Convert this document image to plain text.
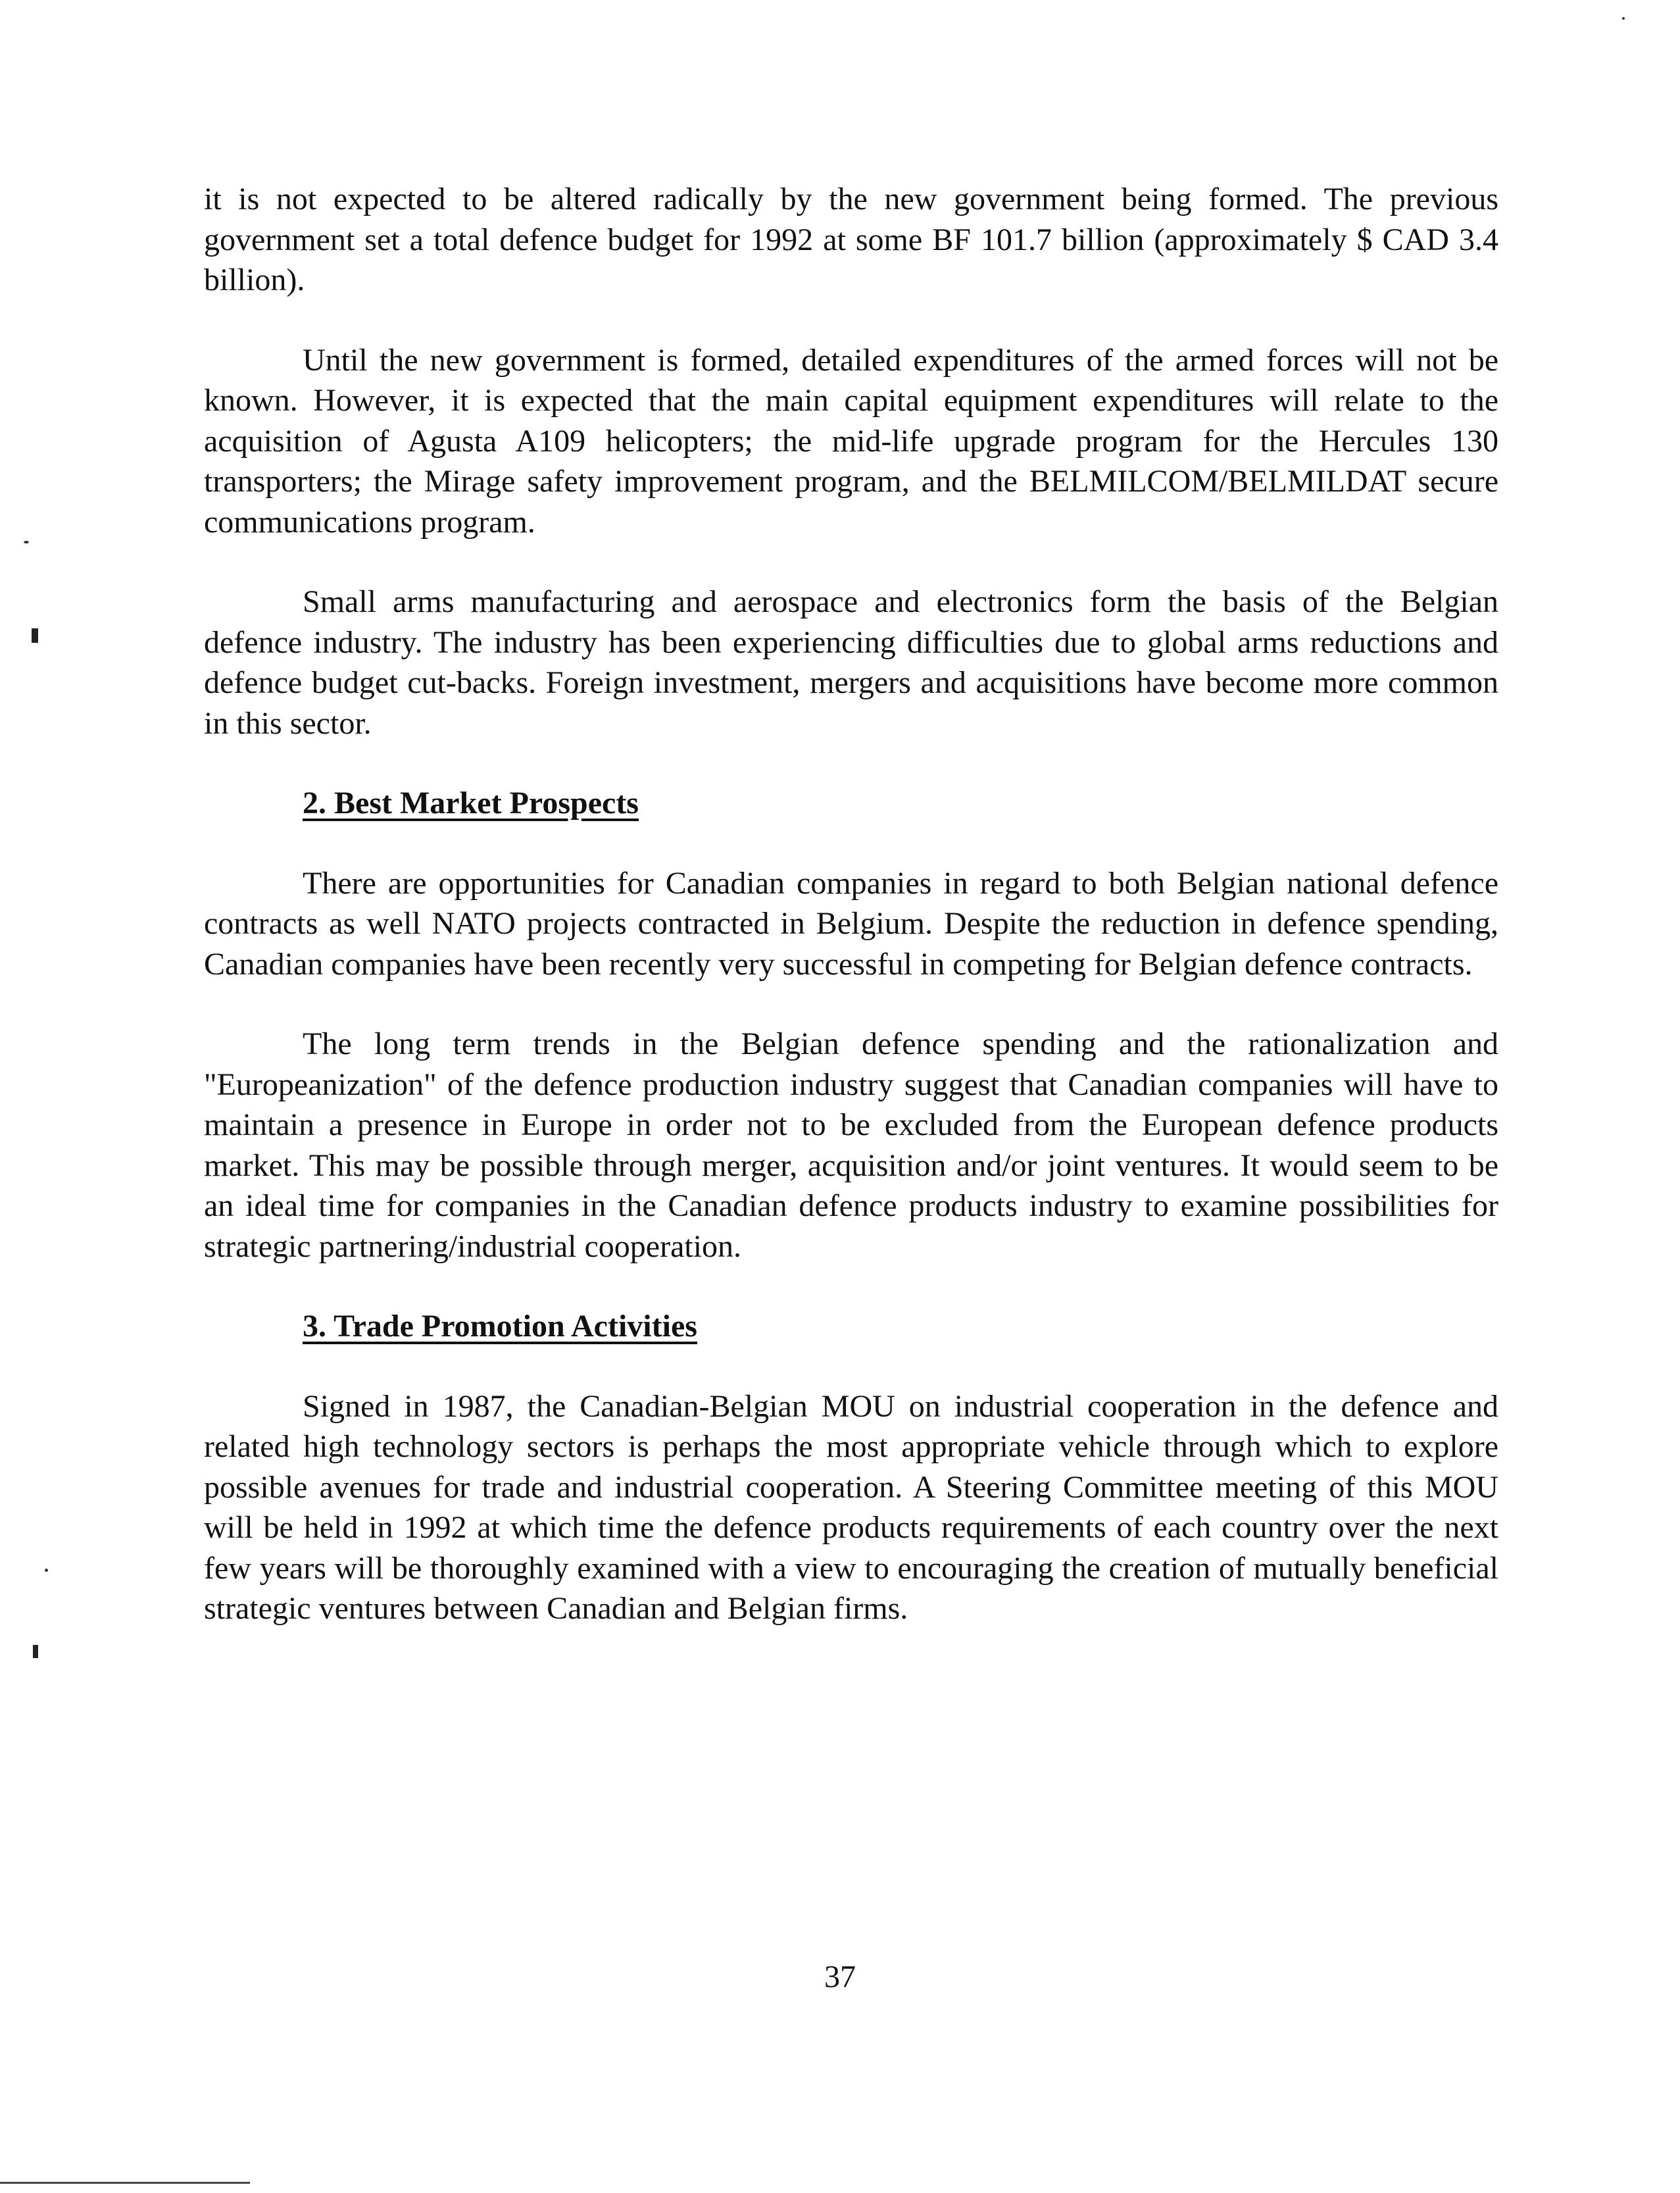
it is not expected to be altered radically by the new government being formed. The previous government set a total defence budget for 1992 at some BF 101.7 billion (approximately $ CAD 3.4 billion).

Until the new government is formed, detailed expenditures of the armed forces will not be known. However, it is expected that the main capital equipment expenditures will relate to the acquisition of Agusta A109 helicopters; the mid-life upgrade program for the Hercules 130 transporters; the Mirage safety improvement program, and the BELMILCOM/BELMILDAT secure communications program.

Small arms manufacturing and aerospace and electronics form the basis of the Belgian defence industry. The industry has been experiencing difficulties due to global arms reductions and defence budget cut-backs. Foreign investment, mergers and acquisitions have become more common in this sector.

2. Best Market Prospects

There are opportunities for Canadian companies in regard to both Belgian national defence contracts as well NATO projects contracted in Belgium. Despite the reduction in defence spending, Canadian companies have been recently very successful in competing for Belgian defence contracts.

The long term trends in the Belgian defence spending and the rationalization and "Europeanization" of the defence production industry suggest that Canadian companies will have to maintain a presence in Europe in order not to be excluded from the European defence products market. This may be possible through merger, acquisition and/or joint ventures. It would seem to be an ideal time for companies in the Canadian defence products industry to examine possibilities for strategic partnering/industrial cooperation.

3. Trade Promotion Activities

Signed in 1987, the Canadian-Belgian MOU on industrial cooperation in the defence and related high technology sectors is perhaps the most appropriate vehicle through which to explore possible avenues for trade and industrial cooperation. A Steering Committee meeting of this MOU will be held in 1992 at which time the defence products requirements of each country over the next few years will be thoroughly examined with a view to encouraging the creation of mutually beneficial strategic ventures between Canadian and Belgian firms.

37
